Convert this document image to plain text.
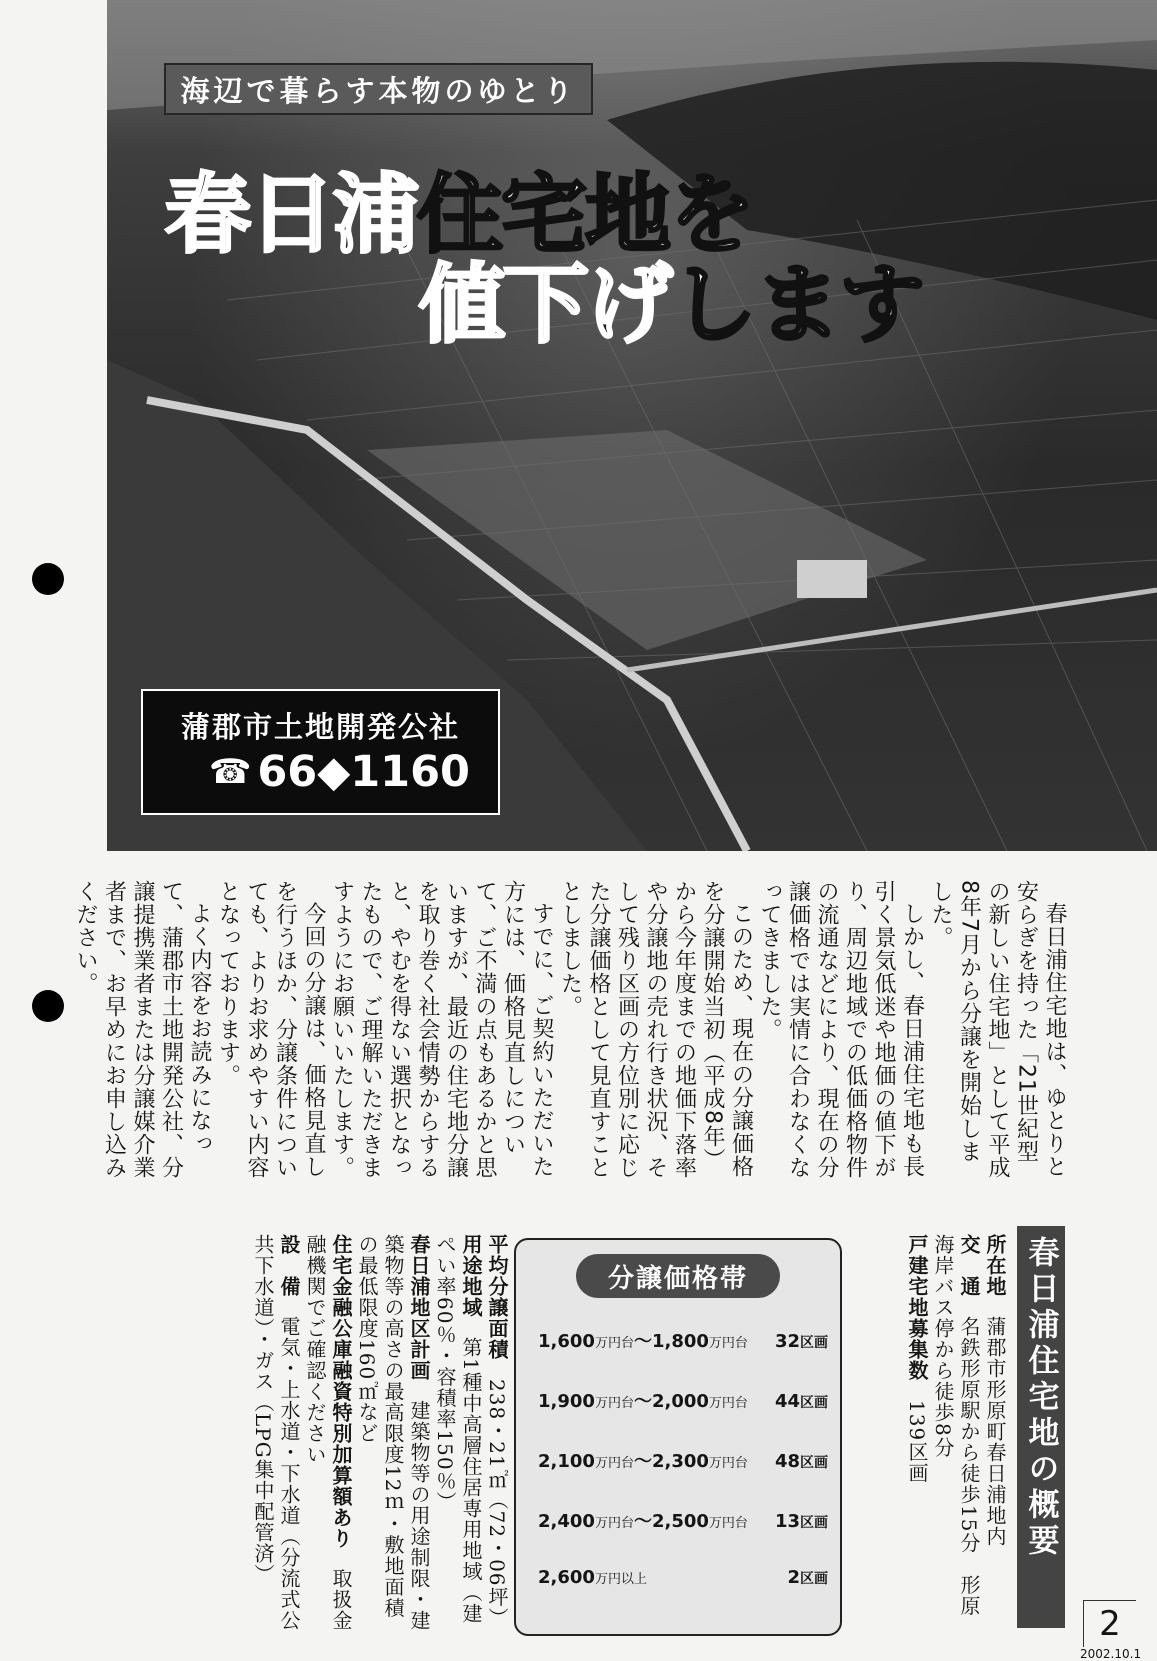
海辺で暮らす本物のゆとり
春日浦住宅地を
値下げします
蒲郡市土地開発公社
☎ 66◆1160

春日浦住宅地は、ゆとりと安らぎを持った「21世紀型の新しい住宅地」として平成8年7月から分譲を開始しました。

しかし、春日浦住宅地も長引く景気低迷や地価の値下がり、周辺地域での低価格物件の流通などにより、現在の分譲価格では実情に合わなくなってきました。

このため、現在の分譲価格を分譲開始当初（平成8年）から今年度までの地価下落率や分譲地の売れ行き状況、そして残り区画の方位別に応じた分譲価格として見直すこととしました。

すでに、ご契約いただいた方には、価格見直しについて、ご不満の点もあるかと思いますが、最近の住宅地分譲を取り巻く社会情勢からすると、やむを得ない選択となったもので、ご理解いただきますようにお願いいたします。

今回の分譲は、価格見直しを行うほか、分譲条件についても、よりお求めやすい内容となっております。

よく内容をお読みになって、蒲郡市土地開発公社、分譲提携業者または分譲媒介業者まで、お早めにお申し込みください。

春日浦住宅地の概要
所在地 蒲郡市形原町春日浦地内
交　通 名鉄形原駅から徒歩15分　形原海岸バス停から徒歩8分
戸建宅地募集数 139区画
分譲価格帯
1,600万円台～1,800万円台	32区画
1,900万円台～2,000万円台	44区画
2,100万円台～2,300万円台	48区画
2,400万円台～2,500万円台	13区画
2,600万円以上	2区画
平均分譲面積 238・21㎡（72・06坪）
用途地域 第1種中高層住居専用地域（建ぺい率60％・容積率150％）
春日浦地区計画 建築物等の用途制限・建築物等の高さの最高限度12ｍ・敷地面積の最低限度160㎡など
住宅金融公庫融資特別加算額あり 取扱金融機関でご確認ください
設　備 電気・上水道・下水道（分流式公共下水道）・ガス（LPG集中配管済）
2
2002.10.1
